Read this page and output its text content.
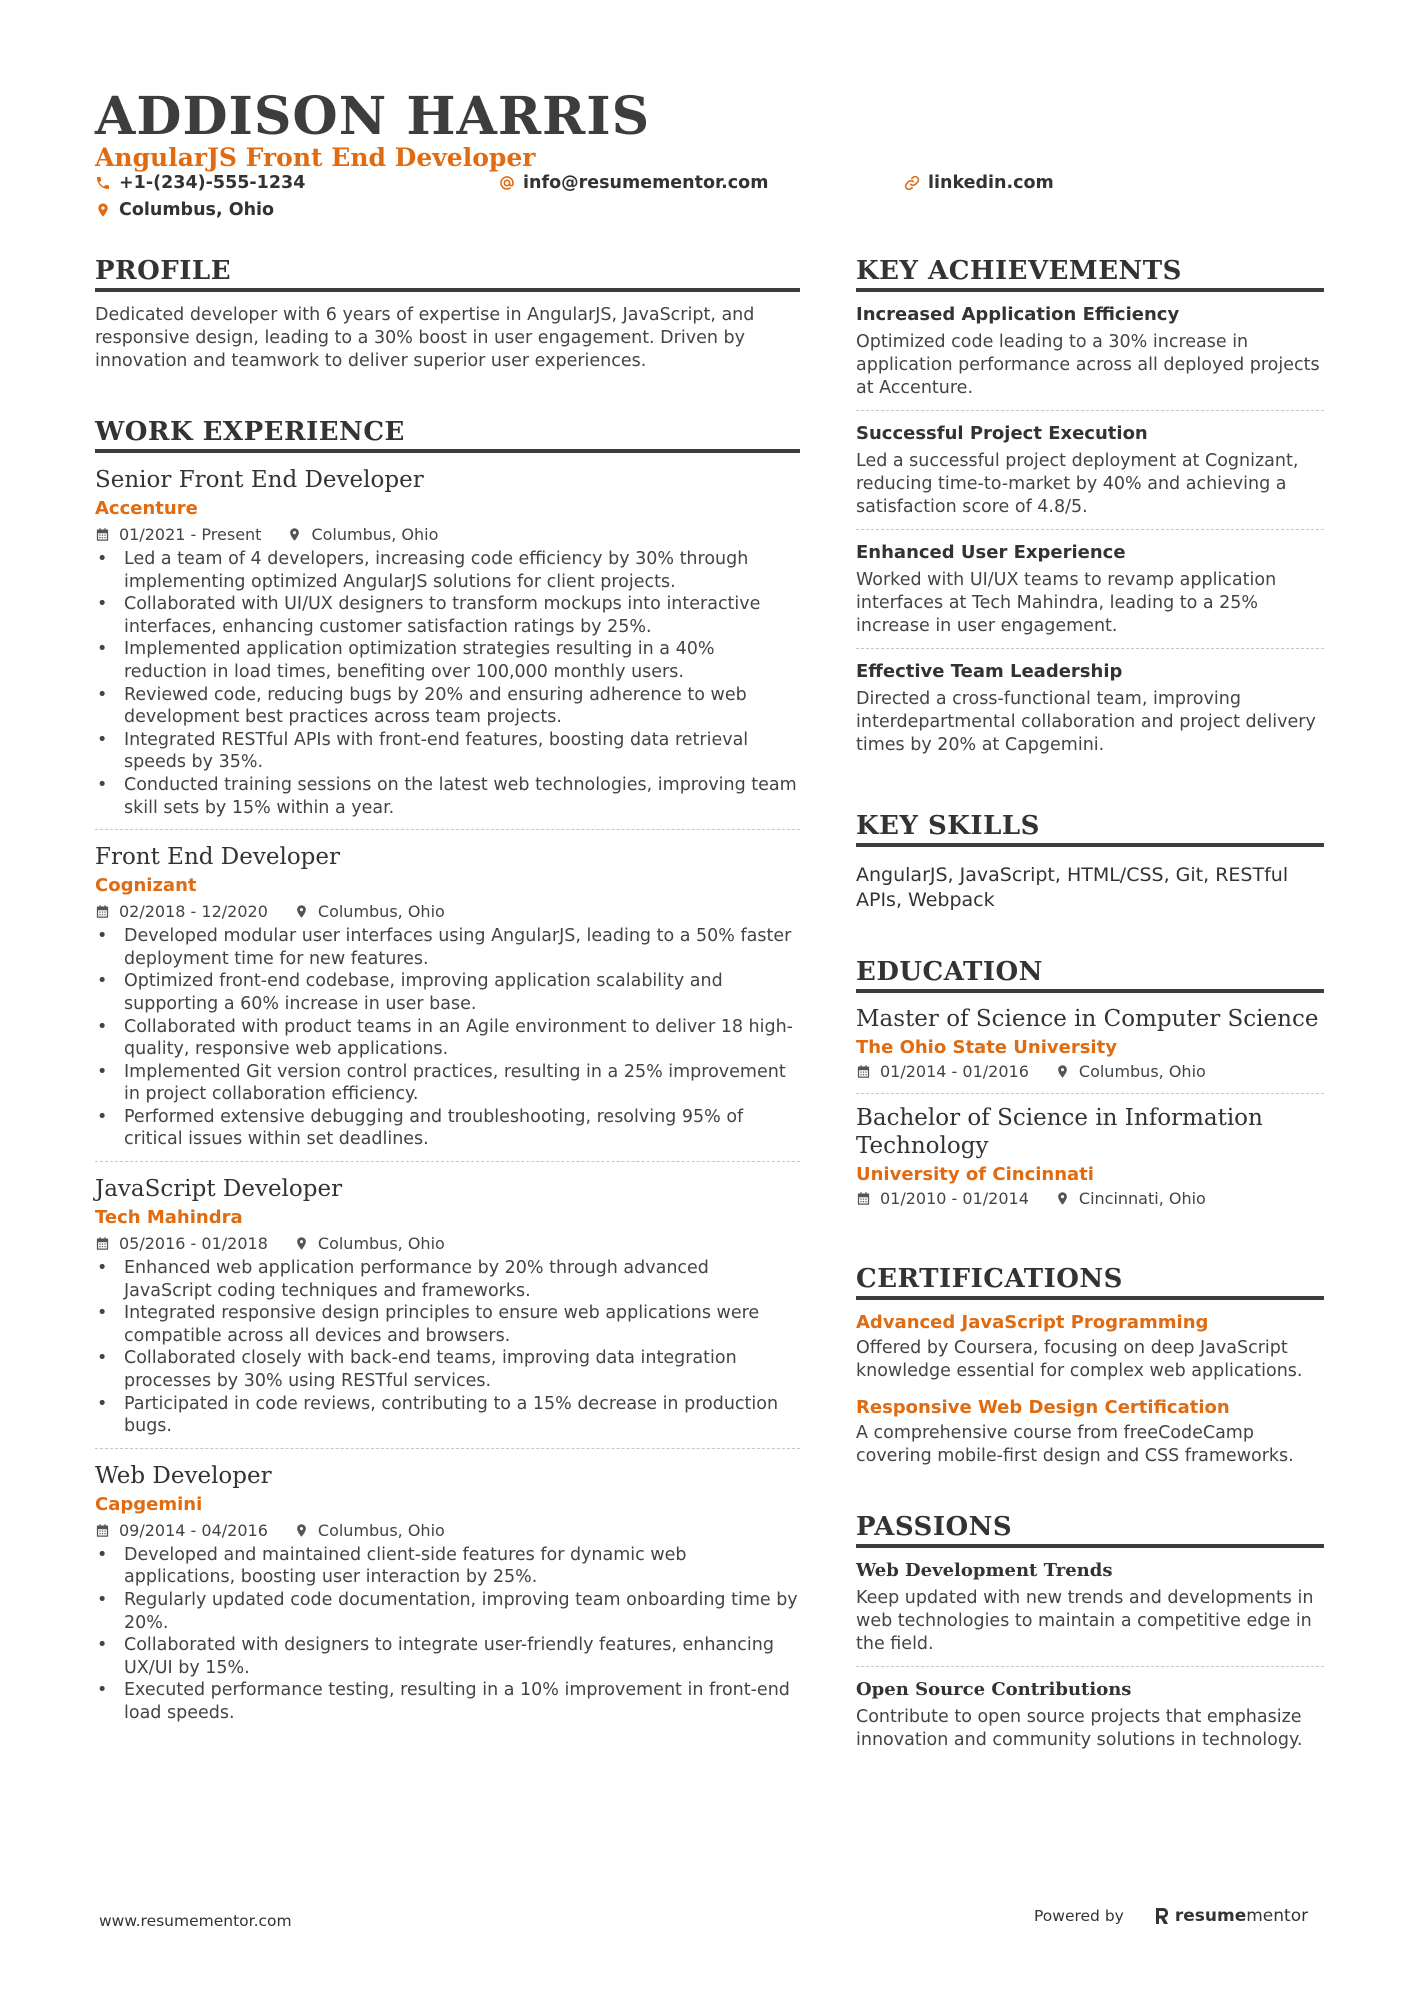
ADDISON HARRIS
AngularJS Front End Developer
+1-(234)-555-1234	info@resumementor.com	linkedin.com
Columbus, Ohio
PROFILE
Dedicated developer with 6 years of expertise in AngularJS, JavaScript, and responsive design, leading to a 30% boost in user engagement. Driven by innovation and teamwork to deliver superior user experiences.
WORK EXPERIENCE
Senior Front End Developer
Accenture
01/2021 - Present	Columbus, Ohio
• Led a team of 4 developers, increasing code efficiency by 30% through implementing optimized AngularJS solutions for client projects.
• Collaborated with UI/UX designers to transform mockups into interactive interfaces, enhancing customer satisfaction ratings by 25%.
• Implemented application optimization strategies resulting in a 40% reduction in load times, benefiting over 100,000 monthly users.
• Reviewed code, reducing bugs by 20% and ensuring adherence to web development best practices across team projects.
• Integrated RESTful APIs with front-end features, boosting data retrieval speeds by 35%.
• Conducted training sessions on the latest web technologies, improving team skill sets by 15% within a year.
Front End Developer
Cognizant
02/2018 - 12/2020	Columbus, Ohio
• Developed modular user interfaces using AngularJS, leading to a 50% faster deployment time for new features.
• Optimized front-end codebase, improving application scalability and supporting a 60% increase in user base.
• Collaborated with product teams in an Agile environment to deliver 18 high-quality, responsive web applications.
• Implemented Git version control practices, resulting in a 25% improvement in project collaboration efficiency.
• Performed extensive debugging and troubleshooting, resolving 95% of critical issues within set deadlines.
JavaScript Developer
Tech Mahindra
05/2016 - 01/2018	Columbus, Ohio
• Enhanced web application performance by 20% through advanced JavaScript coding techniques and frameworks.
• Integrated responsive design principles to ensure web applications were compatible across all devices and browsers.
• Collaborated closely with back-end teams, improving data integration processes by 30% using RESTful services.
• Participated in code reviews, contributing to a 15% decrease in production bugs.
Web Developer
Capgemini
09/2014 - 04/2016	Columbus, Ohio
• Developed and maintained client-side features for dynamic web applications, boosting user interaction by 25%.
• Regularly updated code documentation, improving team onboarding time by 20%.
• Collaborated with designers to integrate user-friendly features, enhancing UX/UI by 15%.
• Executed performance testing, resulting in a 10% improvement in front-end load speeds.
KEY ACHIEVEMENTS
Increased Application Efficiency
Optimized code leading to a 30% increase in application performance across all deployed projects at Accenture.
Successful Project Execution
Led a successful project deployment at Cognizant, reducing time-to-market by 40% and achieving a satisfaction score of 4.8/5.
Enhanced User Experience
Worked with UI/UX teams to revamp application interfaces at Tech Mahindra, leading to a 25% increase in user engagement.
Effective Team Leadership
Directed a cross-functional team, improving interdepartmental collaboration and project delivery times by 20% at Capgemini.
KEY SKILLS
AngularJS, JavaScript, HTML/CSS, Git, RESTful APIs, Webpack
EDUCATION
Master of Science in Computer Science
The Ohio State University
01/2014 - 01/2016	Columbus, Ohio
Bachelor of Science in Information Technology
University of Cincinnati
01/2010 - 01/2014	Cincinnati, Ohio
CERTIFICATIONS
Advanced JavaScript Programming
Offered by Coursera, focusing on deep JavaScript knowledge essential for complex web applications.
Responsive Web Design Certification
A comprehensive course from freeCodeCamp covering mobile-first design and CSS frameworks.
PASSIONS
Web Development Trends
Keep updated with new trends and developments in web technologies to maintain a competitive edge in the field.
Open Source Contributions
Contribute to open source projects that emphasize innovation and community solutions in technology.
www.resumementor.com	Powered by	resume mentor
